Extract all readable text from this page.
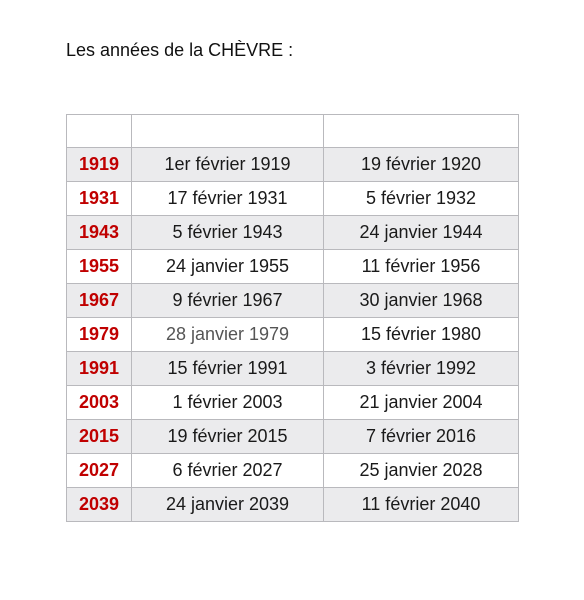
Les années de la CHÈVRE :

1919	1er février 1919	19 février 1920
1931	17 février 1931	5 février 1932
1943	5 février 1943	24 janvier 1944
1955	24 janvier 1955	11 février 1956
1967	9 février 1967	30 janvier 1968
1979	28 janvier 1979	15 février 1980
1991	15 février 1991	3 février 1992
2003	1 février 2003	21 janvier 2004
2015	19 février 2015	7 février 2016
2027	6 février 2027	25 janvier 2028
2039	24 janvier 2039	11 février 2040
